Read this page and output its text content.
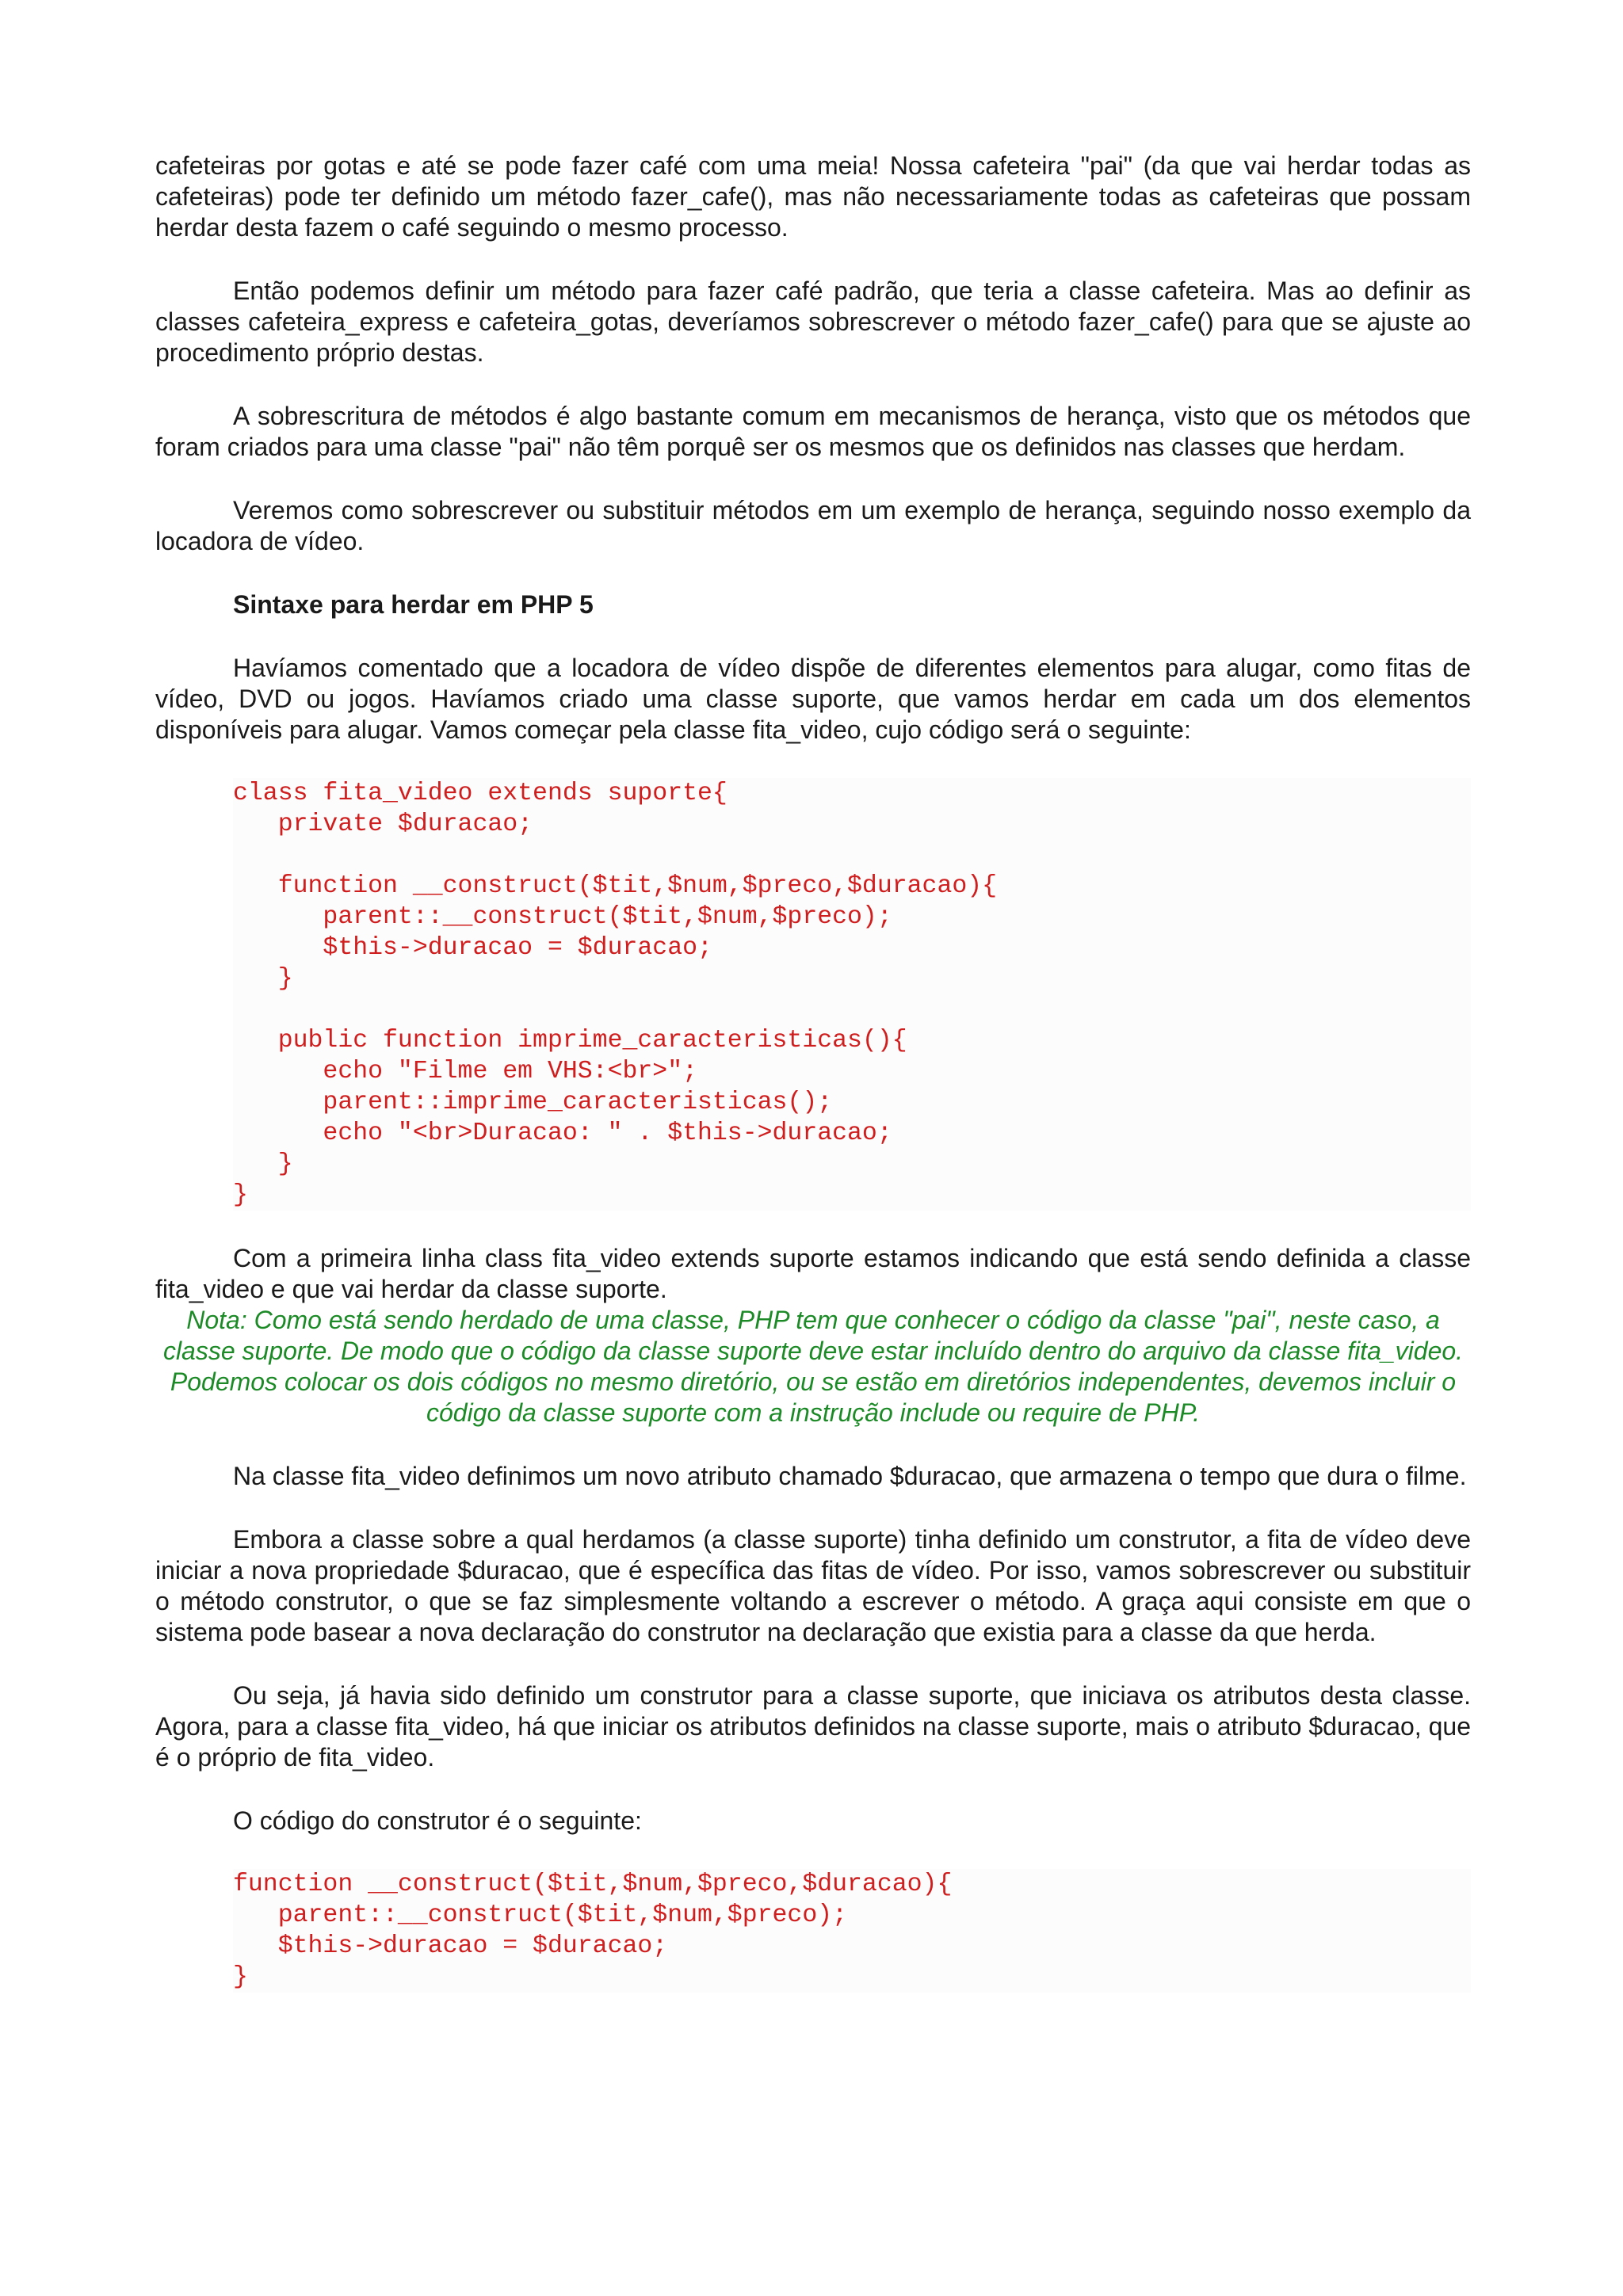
cafeteiras por gotas e até se pode fazer café com uma meia! Nossa cafeteira "pai" (da que vai herdar todas as cafeteiras) pode ter definido um método fazer_cafe(), mas não necessariamente todas as cafeteiras que possam herdar desta fazem o café seguindo o mesmo processo.

Então podemos definir um método para fazer café padrão, que teria a classe cafeteira. Mas ao definir as classes cafeteira_express e cafeteira_gotas, deveríamos sobrescrever o método fazer_cafe() para que se ajuste ao procedimento próprio destas.

A sobrescritura de métodos é algo bastante comum em mecanismos de herança, visto que os métodos que foram criados para uma classe "pai" não têm porquê ser os mesmos que os definidos nas classes que herdam.

Veremos como sobrescrever ou substituir métodos em um exemplo de herança, seguindo nosso exemplo da locadora de vídeo.

Sintaxe para herdar em PHP 5

Havíamos comentado que a locadora de vídeo dispõe de diferentes elementos para alugar, como fitas de vídeo, DVD ou jogos. Havíamos criado uma classe suporte, que vamos herdar em cada um dos elementos disponíveis para alugar. Vamos começar pela classe fita_video, cujo código será o seguinte:

class fita_video extends suporte{
private $duracao;
function __construct($tit,$num,$preco,$duracao){
parent::__construct($tit,$num,$preco);
$this->duracao = $duracao;
}
public function imprime_caracteristicas(){
echo "Filme em VHS:<br>";
parent::imprime_caracteristicas();
echo "<br>Duracao: " . $this->duracao;
}
}

Com a primeira linha class fita_video extends suporte estamos indicando que está sendo definida a classe fita_video e que vai herdar da classe suporte.

Nota: Como está sendo herdado de uma classe, PHP tem que conhecer o código da classe "pai", neste caso, a classe suporte. De modo que o código da classe suporte deve estar incluído dentro do arquivo da classe fita_video. Podemos colocar os dois códigos no mesmo diretório, ou se estão em diretórios independentes, devemos incluir o código da classe suporte com a instrução include ou require de PHP.

Na classe fita_video definimos um novo atributo chamado $duracao, que armazena o tempo que dura o filme.

Embora a classe sobre a qual herdamos (a classe suporte) tinha definido um construtor, a fita de vídeo deve iniciar a nova propriedade $duracao, que é específica das fitas de vídeo. Por isso, vamos sobrescrever ou substituir o método construtor, o que se faz simplesmente voltando a escrever o método. A graça aqui consiste em que o sistema pode basear a nova declaração do construtor na declaração que existia para a classe da que herda.

Ou seja, já havia sido definido um construtor para a classe suporte, que iniciava os atributos desta classe. Agora, para a classe fita_video, há que iniciar os atributos definidos na classe suporte, mais o atributo $duracao, que é o próprio de fita_video.

O código do construtor é o seguinte:

function __construct($tit,$num,$preco,$duracao){
parent::__construct($tit,$num,$preco);
$this->duracao = $duracao;
}
